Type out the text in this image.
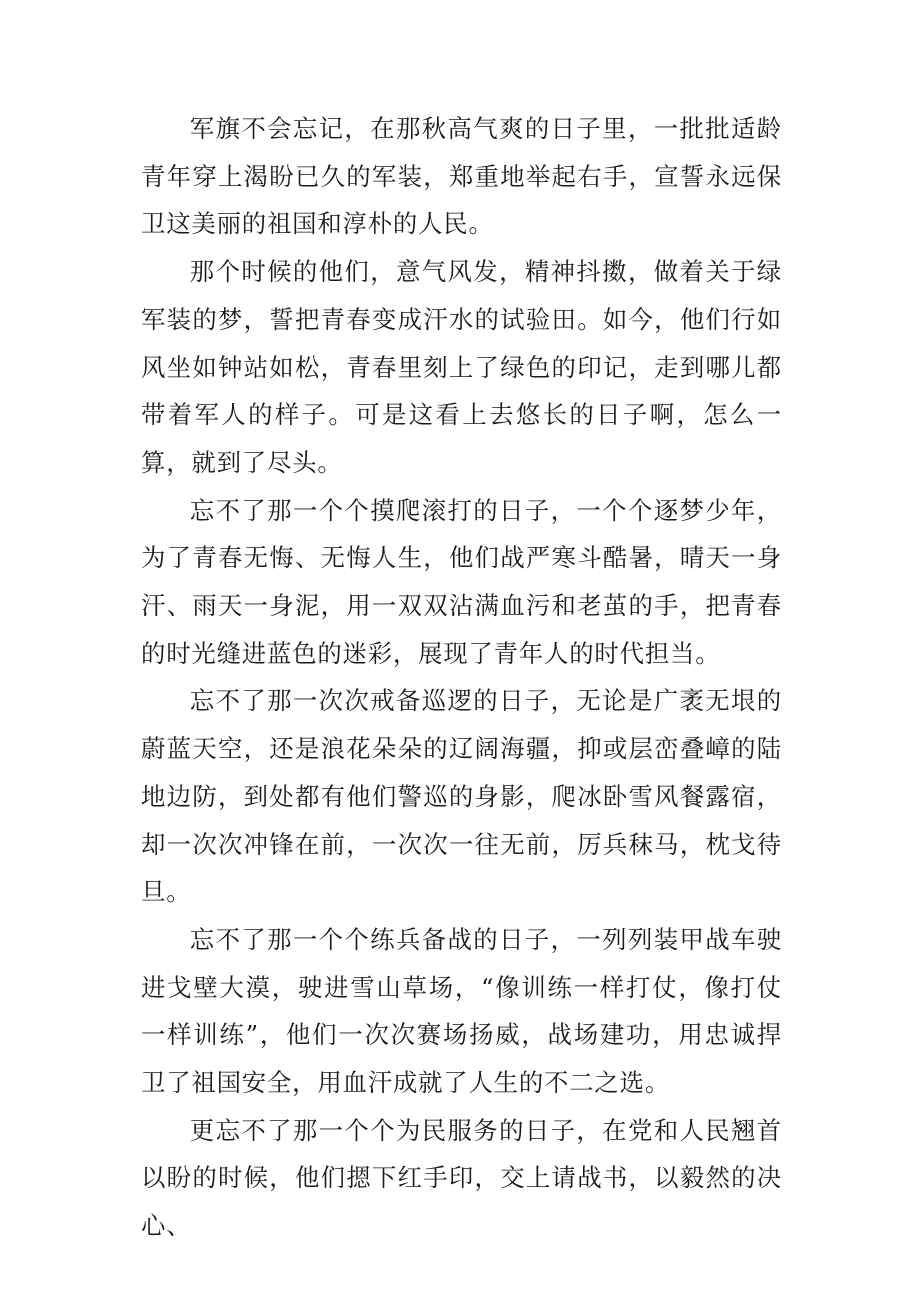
军旗不会忘记，在那秋高气爽的日子里，一批批适龄青年穿上渴盼已久的军装，郑重地举起右手，宣誓永远保卫这美丽的祖国和淳朴的人民。

那个时候的他们，意气风发，精神抖擞，做着关于绿军装的梦，誓把青春变成汗水的试验田。如今，他们行如风坐如钟站如松，青春里刻上了绿色的印记，走到哪儿都带着军人的样子。可是这看上去悠长的日子啊，怎么一算，就到了尽头。

忘不了那一个个摸爬滚打的日子，一个个逐梦少年，为了青春无悔、无悔人生，他们战严寒斗酷暑，晴天一身汗、雨天一身泥，用一双双沾满血污和老茧的手，把青春的时光缝进蓝色的迷彩，展现了青年人的时代担当。

忘不了那一次次戒备巡逻的日子，无论是广袤无垠的蔚蓝天空，还是浪花朵朵的辽阔海疆，抑或层峦叠嶂的陆地边防，到处都有他们警巡的身影，爬冰卧雪风餐露宿，却一次次冲锋在前，一次次一往无前，厉兵秣马，枕戈待旦。

忘不了那一个个练兵备战的日子，一列列装甲战车驶进戈壁大漠，驶进雪山草场，“像训练一样打仗，像打仗一样训练”，他们一次次赛场扬威，战场建功，用忠诚捍卫了祖国安全，用血汗成就了人生的不二之选。

更忘不了那一个个为民服务的日子，在党和人民翘首以盼的时候，他们摁下红手印，交上请战书，以毅然的决心、
